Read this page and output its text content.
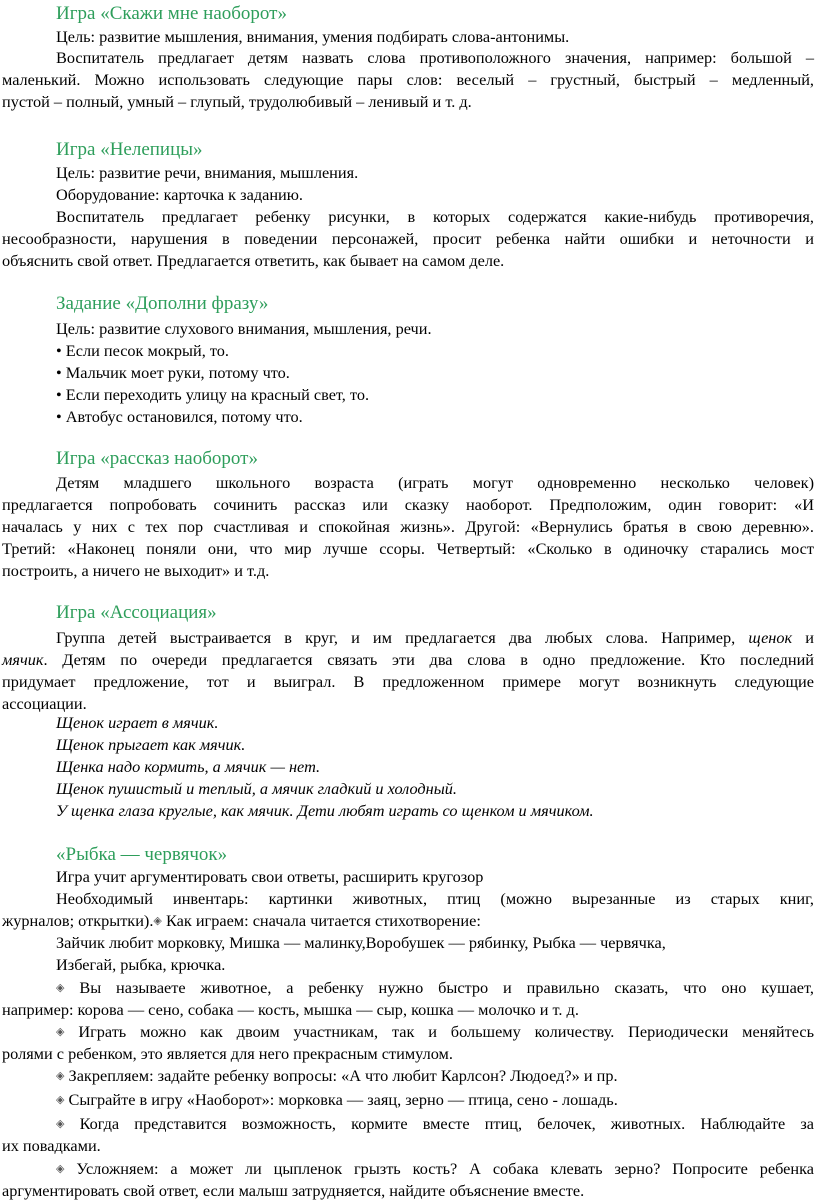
Игра «Скажи мне наоборот»
Цель: развитие мышления, внимания, умения подбирать слова-антонимы.
Воспитатель предлагает детям назвать слова противоположного значения, например: большой –
маленький. Можно использовать следующие пары слов: веселый – грустный, быстрый – медленный,
пустой – полный, умный – глупый, трудолюбивый – ленивый и т. д.
Игра «Нелепицы»
Цель: развитие речи, внимания, мышления.
Оборудование: карточка к заданию.
Воспитатель предлагает ребенку рисунки, в которых содержатся какие-нибудь противоречия,
несообразности, нарушения в поведении персонажей, просит ребенка найти ошибки и неточности и
объяснить свой ответ. Предлагается ответить, как бывает на самом деле.
Задание «Дополни фразу»
Цель: развитие слухового внимания, мышления, речи.
• Если песок мокрый, то.
• Мальчик моет руки, потому что.
• Если переходить улицу на красный свет, то.
• Автобус остановился, потому что.
Игра «рассказ наоборот»
Детям младшего школьного возраста (играть могут одновременно несколько человек)
предлагается попробовать сочинить рассказ или сказку наоборот. Предположим, один говорит: «И
началась у них с тех пор счастливая и спокойная жизнь». Другой: «Вернулись братья в свою деревню».
Третий: «Наконец поняли они, что мир лучше ссоры. Четвертый: «Сколько в одиночку старались мост
построить, а ничего не выходит» и т.д.
Игра «Ассоциация»
Группа детей выстраивается в круг, и им предлагается два любых слова. Например, щенок и
мячик. Детям по очереди предлагается связать эти два слова в одно предложение. Кто последний
придумает предложение, тот и выиграл. В предложенном примере могут возникнуть следующие
ассоциации.
Щенок играет в мячик.
Щенок прыгает как мячик.
Щенка надо кормить, а мячик — нет.
Щенок пушистый и теплый, а мячик гладкий и холодный.
У щенка глаза круглые, как мячик. Дети любят играть со щенком и мячиком.
«Рыбка — червячок»
Игра учит аргументировать свои ответы, расширить кругозор
Необходимый инвентарь: картинки животных, птиц (можно вырезанные из старых книг,
журналов; открытки).◈ Как играем: сначала читается стихотворение:
Зайчик любит морковку, Мишка — малинку,Воробушек — рябинку, Рыбка — червячка,
Избегай, рыбка, крючка.
◈ Вы называете животное, а ребенку нужно быстро и правильно сказать, что оно кушает,
например: корова — сено, собака — кость, мышка — сыр, кошка — молочко и т. д.
◈ Играть можно как двоим участникам, так и большему количеству. Периодически меняйтесь
ролями с ребенком, это является для него прекрасным стимулом.
◈ Закрепляем: задайте ребенку вопросы: «А что любит Карлсон? Людоед?» и пр.
◈ Сыграйте в игру «Наоборот»: морковка — заяц, зерно — птица, сено - лошадь.
◈ Когда представится возможность, кормите вместе птиц, белочек, животных. Наблюдайте за
их повадками.
◈ Усложняем: а может ли цыпленок грызть кость? А собака клевать зерно? Попросите ребенка
аргументировать свой ответ, если малыш затрудняется, найдите объяснение вместе.
